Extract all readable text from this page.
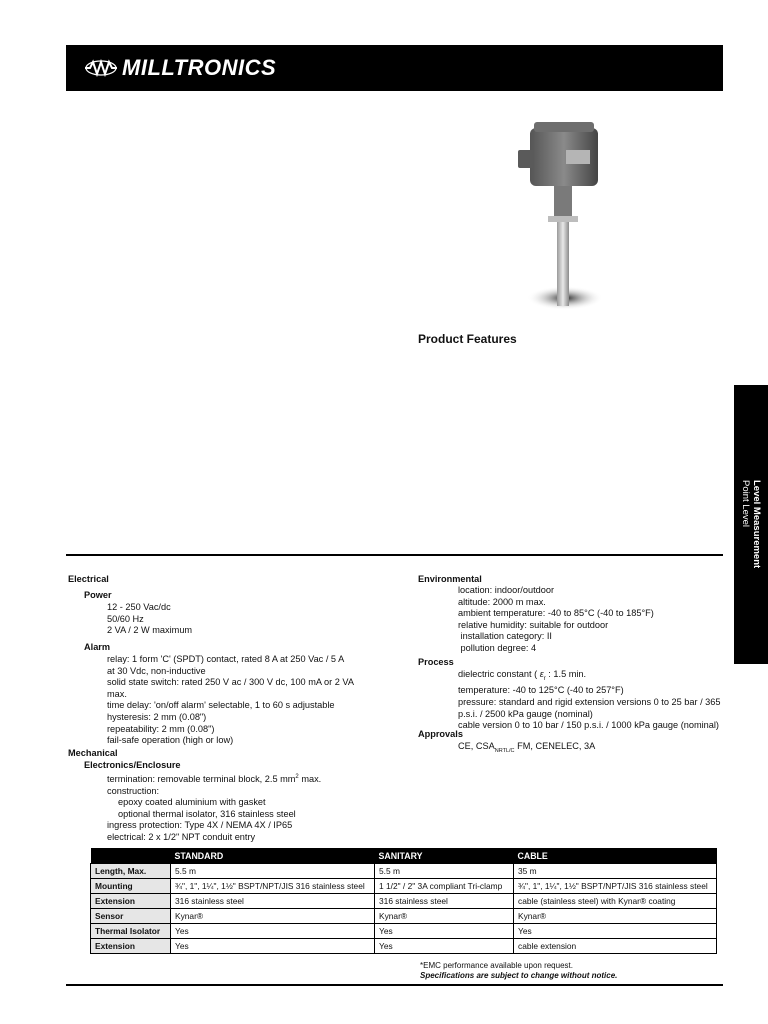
MILLTRONICS
Product Features
Level Measurement
Point Level
Electrical
Power
12 - 250 Vac/dc
50/60 Hz
2 VA / 2 W maximum
Alarm
relay: 1 form 'C' (SPDT) contact, rated 8 A at 250 Vac / 5 A
at 30 Vdc, non-inductive
solid state switch: rated 250 V ac / 300 V dc, 100 mA or 2 VA
max.
time delay: 'on/off alarm' selectable, 1 to 60 s adjustable
hysteresis: 2 mm (0.08")
repeatability: 2 mm (0.08")
fail-safe operation (high or low)
Mechanical
Electronics/Enclosure
termination: removable terminal block, 2.5 $mm^2$ max.
construction:
epoxy coated aluminium with gasket
optional thermal isolator, 316 stainless steel
ingress protection: Type 4X / NEMA 4X / IP65
electrical: 2 x 1/2" NPT conduit entry
Environmental
location: indoor/outdoor
altitude: 2000 m max.
ambient temperature: -40 to 85°C (-40 to 185°F)
relative humidity: suitable for outdoor
installation category: II
pollution degree: 4
Process
dielectric constant ( $\varepsilon_r$ : 1.5 min.
temperature: -40 to 125°C (-40 to 257°F)
pressure: standard and rigid extension versions 0 to 25 bar / 365
p.s.i. / 2500 kPa gauge (nominal)
cable version 0 to 10 bar / 150 p.s.i. / 1000 kPa gauge (nominal)
Approvals
CE, $CSA_{NRTL/C}$ FM, CENELEC, 3A
	STANDARD	SANITARY	CABLE
Length, Max.	5.5 m	5.5 m	35 m
Mounting	¾", 1", 1¼", 1½" BSPT/NPT/JIS 316 stainless steel	1 1/2" / 2" 3A compliant Tri-clamp	¾", 1", 1¼", 1½" BSPT/NPT/JIS 316 stainless steel
Extension	316 stainless steel	316 stainless steel	cable (stainless steel) with Kynar® coating
Sensor	Kynar®	Kynar®	Kynar®
Thermal Isolator	Yes	Yes	Yes
Extension	Yes	Yes	cable extension
*EMC performance available upon request.
Specifications are subject to change without notice.
